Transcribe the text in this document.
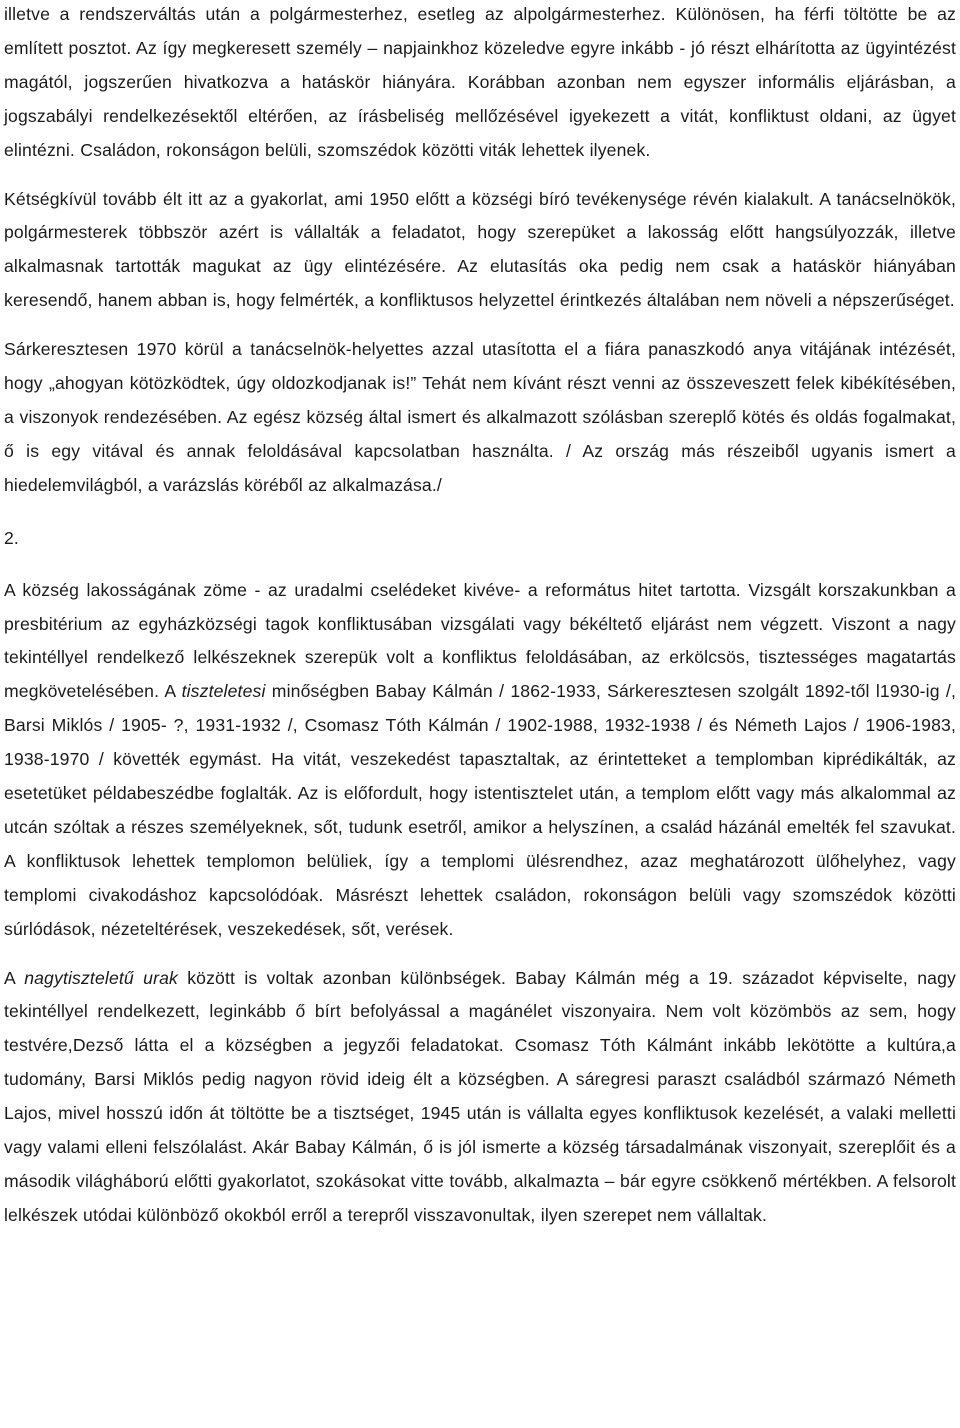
illetve a rendszerváltás után a polgármesterhez, esetleg az alpolgármesterhez. Különösen, ha férfi töltötte be az említett posztot. Az így megkeresett személy – napjainkhoz közeledve egyre inkább - jó részt elhárította az ügyintézést magától, jogszerűen hivatkozva a hatáskör hiányára. Korábban azonban nem egyszer informális eljárásban, a jogszabályi rendelkezésektől eltérően, az írásbeliség mellőzésével igyekezett a vitát, konfliktust oldani, az ügyet elintézni. Családon, rokonságon belüli, szomszédok közötti viták lehettek ilyenek.

Kétségkívül tovább élt itt az a gyakorlat, ami 1950 előtt a községi bíró tevékenysége révén kialakult. A tanácselnökök, polgármesterek többször azért is vállalták a feladatot, hogy szerepüket a lakosság előtt hangsúlyozzák, illetve alkalmasnak tartották magukat az ügy elintézésére. Az elutasítás oka pedig nem csak a hatáskör hiányában keresendő, hanem abban is, hogy felmérték, a konfliktusos helyzettel érintkezés általában nem növeli a népszerűséget.

Sárkeresztesen 1970 körül a tanácselnök-helyettes azzal utasította el a fiára panaszkodó anya vitájának intézését, hogy „ahogyan kötözködtek, úgy oldozkodjanak is!” Tehát nem kívánt részt venni az összeveszett felek kibékítésében, a viszonyok rendezésében. Az egész község által ismert és alkalmazott szólásban szereplő kötés és oldás fogalmakat, ő is egy vitával és annak feloldásával kapcsolatban használta. / Az ország más részeiből ugyanis ismert a hiedelemvilágból, a varázslás köréből az alkalmazása./

2.

A község lakosságának zöme - az uradalmi cselédeket kivéve- a református hitet tartotta. Vizsgált korszakunkban a presbitérium az egyházközségi tagok konfliktusában vizsgálati vagy békéltető eljárást nem végzett. Viszont a nagy tekintéllyel rendelkező lelkészeknek szerepük volt a konfliktus feloldásában, az erkölcsös, tisztességes magatartás megkövetelésében. A tiszteletesi minőségben Babay Kálmán / 1862-1933, Sárkeresztesen szolgált 1892-től l1930-ig /, Barsi Miklós / 1905- ?, 1931-1932 /, Csomasz Tóth Kálmán / 1902-1988, 1932-1938 / és Németh Lajos / 1906-1983, 1938-1970 / követték egymást. Ha vitát, veszekedést tapasztaltak, az érintetteket a templomban kiprédikálták, az esetetüket példabeszédbe foglalták. Az is előfordult, hogy istentisztelet után, a templom előtt vagy más alkalommal az utcán szóltak a részes személyeknek, sőt, tudunk esetről, amikor a helyszínen, a család házánál emelték fel szavukat. A konfliktusok lehettek templomon belüliek, így a templomi ülésrendhez, azaz meghatározott ülőhelyhez, vagy templomi civakodáshoz kapcsolódóak. Másrészt lehettek családon, rokonságon belüli vagy szomszédok közötti súrlódások, nézeteltérések, veszekedések, sőt, verések.

A nagytiszteletű urak között is voltak azonban különbségek. Babay Kálmán még a 19. századot képviselte, nagy tekintéllyel rendelkezett, leginkább ő bírt befolyással a magánélet viszonyaira. Nem volt közömbös az sem, hogy testvére,Dezső látta el a községben a jegyzői feladatokat. Csomasz Tóth Kálmánt inkább lekötötte a kultúra,a tudomány, Barsi Miklós pedig nagyon rövid ideig élt a községben. A sáregresi paraszt családból származó Németh Lajos, mivel hosszú időn át töltötte be a tisztséget, 1945 után is vállalta egyes konfliktusok kezelését, a valaki melletti vagy valami elleni felszólalást. Akár Babay Kálmán, ő is jól ismerte a község társadalmának viszonyait, szereplőit és a második világháború előtti gyakorlatot, szokásokat vitte tovább, alkalmazta – bár egyre csökkenő mértékben. A felsorolt lelkészek utódai különböző okokból erről a terepről visszavonultak, ilyen szerepet nem vállaltak.
